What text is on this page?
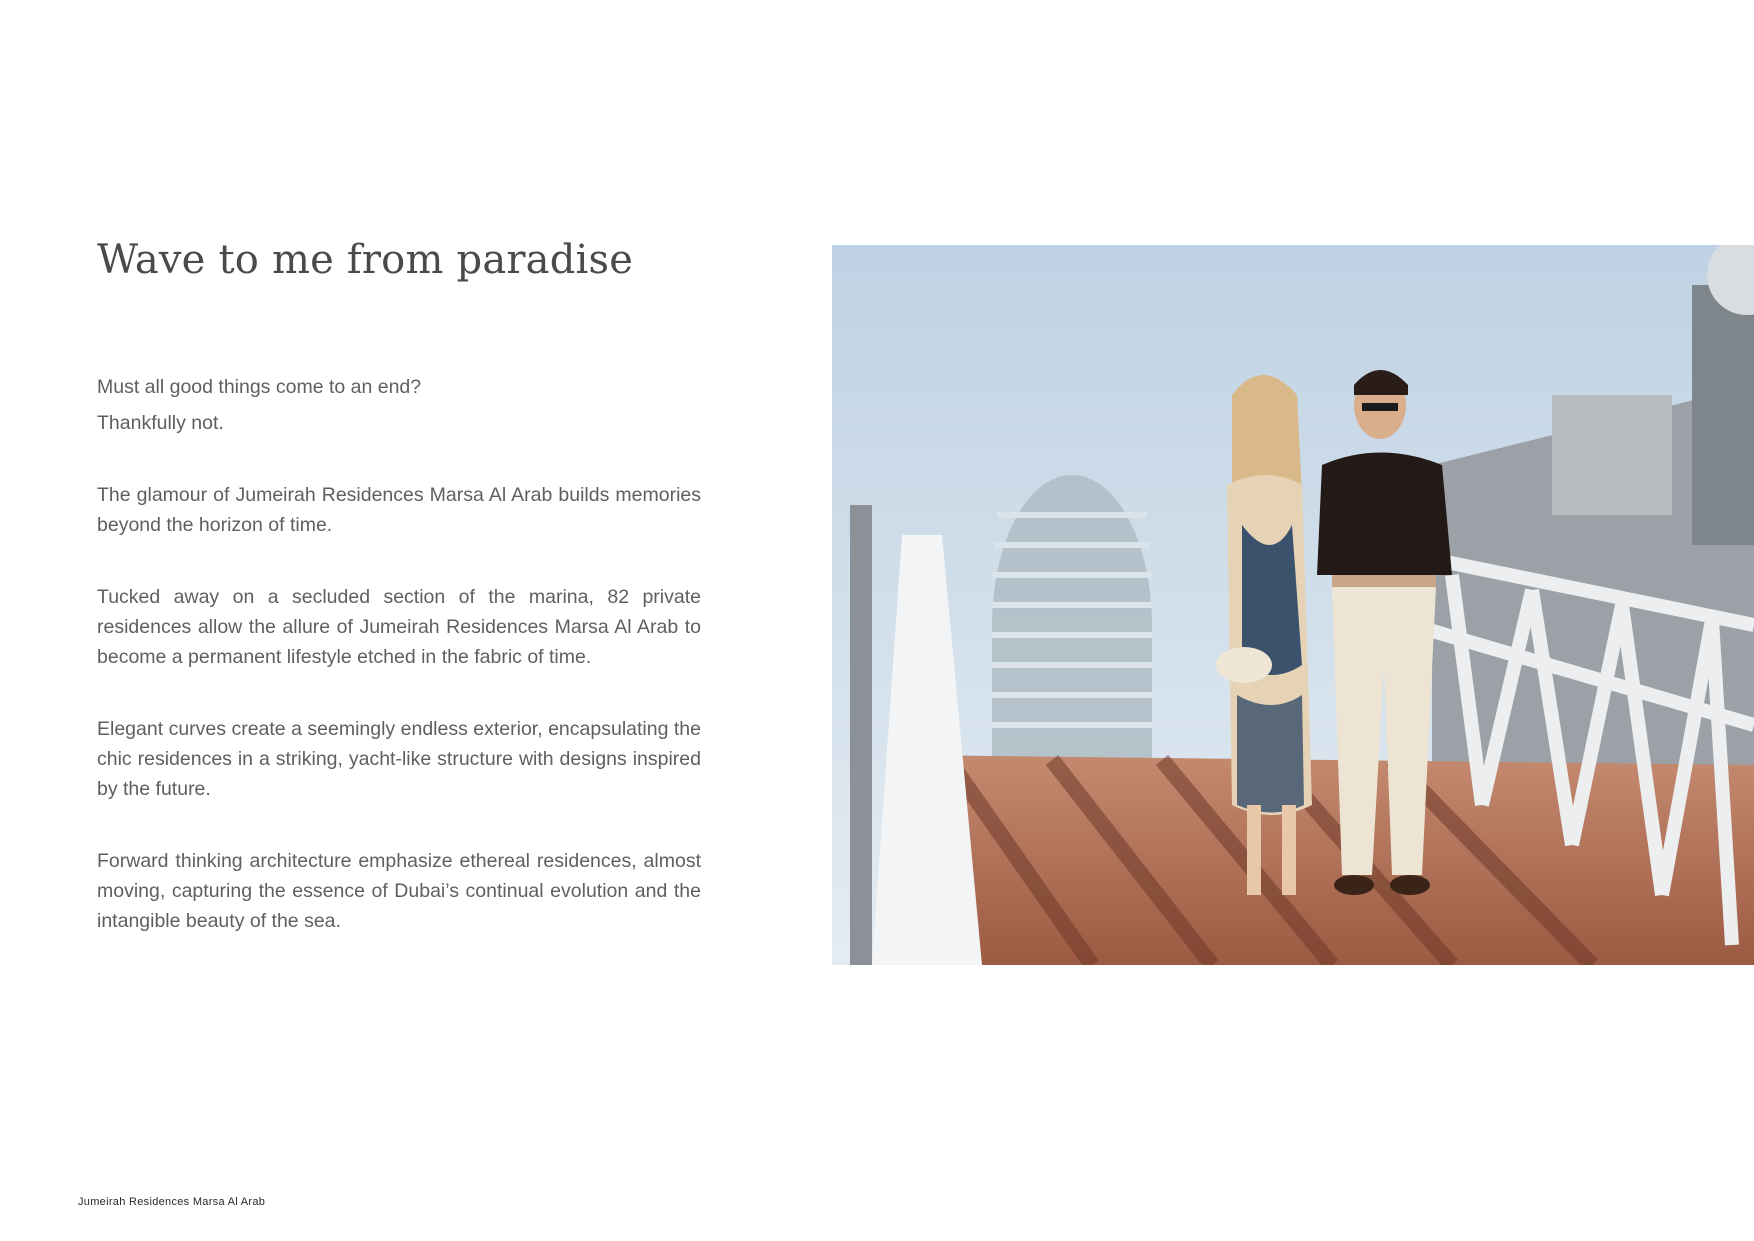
Wave to me from paradise

Must all good things come to an end?

Thankfully not.

The glamour of Jumeirah Residences Marsa Al Arab builds memories beyond the horizon of time.

Tucked away on a secluded section of the marina, 82 private residences allow the allure of Jumeirah Residences Marsa Al Arab to become a permanent lifestyle etched in the fabric of time.

Elegant curves create a seemingly endless exterior, encapsulating the chic residences in a striking, yacht-like structure with designs inspired by the future.

Forward thinking architecture emphasize ethereal residences, almost moving, capturing the essence of Dubai’s continual evolution and the intangible beauty of the sea.

Jumeirah Residences Marsa Al Arab
